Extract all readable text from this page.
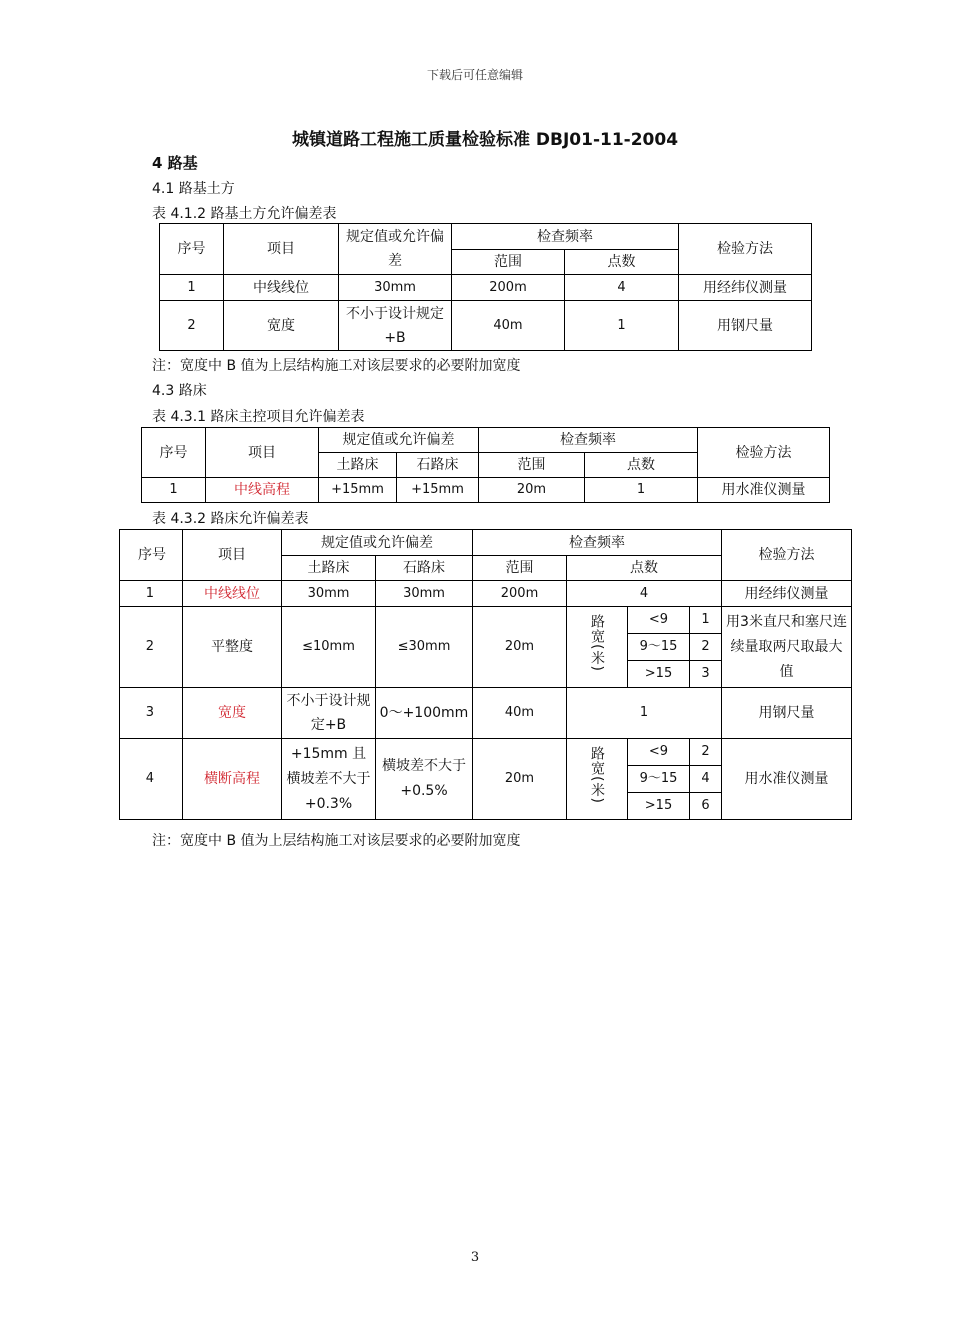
下载后可任意编辑
城镇道路工程施工质量检验标准 DBJ01-11-2004
4 路基
4.1 路基土方
表 4.1.2 路基土方允许偏差表
序号	项目	规定值或允许偏差	检查频率		检验方法
			范围	点数	
1	中线线位	30mm	200m	4	用经纬仪测量
2	宽度	不小于设计规定+B	40m	1	用钢尺量
注：宽度中 B 值为上层结构施工对该层要求的必要附加宽度
4.3 路床
表 4.3.1 路床主控项目允许偏差表
序号	项目	规定值或允许偏差		检查频率		检验方法
		土路床	石路床	范围	点数	
1	中线高程	+15mm	+15mm	20m	1	用水准仪测量
表 4.3.2 路床允许偏差表
序号	项目	规定值或允许偏差		检查频率				检验方法
		土路床	石路床	范围	点数			
1	中线线位	30mm	30mm	200m	4			用经纬仪测量
2	平整度	≤10mm	≤30mm	20m	路宽(米)	<9	1	用3米直尺和塞尺连续量取两尺取最大值
						9～15	2	
						>15	3	
3	宽度	不小于设计规定+B	0～+100mm	40m	1			用钢尺量
4	横断高程	+15mm 且横坡差不大于+0.3%	横坡差不大于+0.5%	20m	路宽(米)	<9	2	用水准仪测量
						9～15	4	
						>15	6	
注：宽度中 B 值为上层结构施工对该层要求的必要附加宽度
3
